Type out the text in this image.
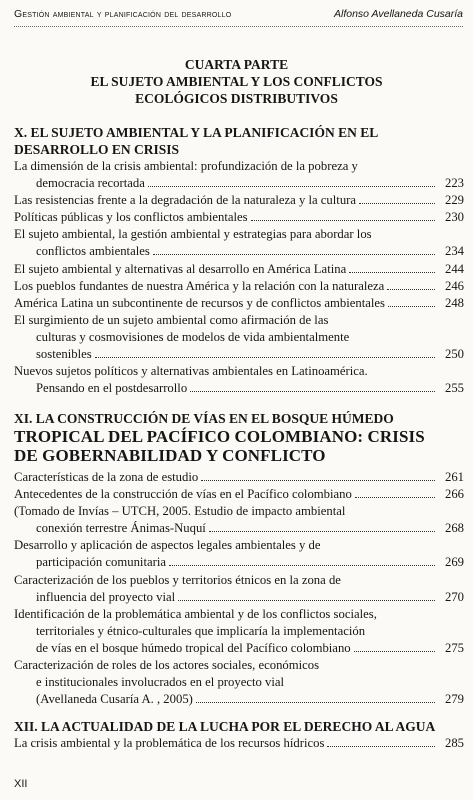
Gestión ambiental y planificación del desarrollo	Alfonso Avellaneda Cusaría
CUARTA PARTE
EL SUJETO AMBIENTAL Y LOS CONFLICTOS
ECOLÓGICOS DISTRIBUTIVOS
X. EL SUJETO AMBIENTAL Y LA PLANIFICACIÓN EN EL
DESARROLLO EN CRISIS
La dimensión de la crisis ambiental: profundización de la pobreza y
democracia recortada	223
Las resistencias frente a la degradación de la naturaleza y la cultura	229
Políticas públicas y los conflictos ambientales	230
El sujeto ambiental, la gestión ambiental y estrategias para abordar los
conflictos ambientales	234
El sujeto ambiental y alternativas al desarrollo en América Latina	244
Los pueblos fundantes de nuestra América y la relación con la naturaleza	246
América Latina un subcontinente de recursos y de conflictos ambientales	248
El surgimiento de un sujeto ambiental como afirmación de las
culturas y cosmovisiones de modelos de vida ambientalmente
sostenibles	250
Nuevos sujetos políticos y alternativas ambientales en Latinoamérica.
Pensando en el postdesarrollo	255
XI. LA CONSTRUCCIÓN DE VÍAS EN EL BOSQUE HÚMEDO
TROPICAL DEL PACÍFICO COLOMBIANO: CRISIS
DE GOBERNABILIDAD Y CONFLICTO
Características de la zona de estudio	261
Antecedentes de la construcción de vías en el Pacífico colombiano	266
(Tomado de Invías – UTCH, 2005. Estudio de impacto ambiental
conexión terrestre Ánimas-Nuquí	268
Desarrollo y aplicación de aspectos legales ambientales y de
participación comunitaria	269
Caracterización de los pueblos y territorios étnicos en la zona de
influencia del proyecto vial	270
Identificación de la problemática ambiental y de los conflictos sociales,
territoriales y étnico-culturales que implicaría la implementación
de vías en el bosque húmedo tropical del Pacífico colombiano	275
Caracterización de roles de los actores sociales, económicos
e institucionales involucrados en el proyecto vial
(Avellaneda Cusaría A. , 2005)	279
XII. LA ACTUALIDAD DE LA LUCHA POR EL DERECHO AL AGUA
La crisis ambiental y la problemática de los recursos hídricos	285
XII
